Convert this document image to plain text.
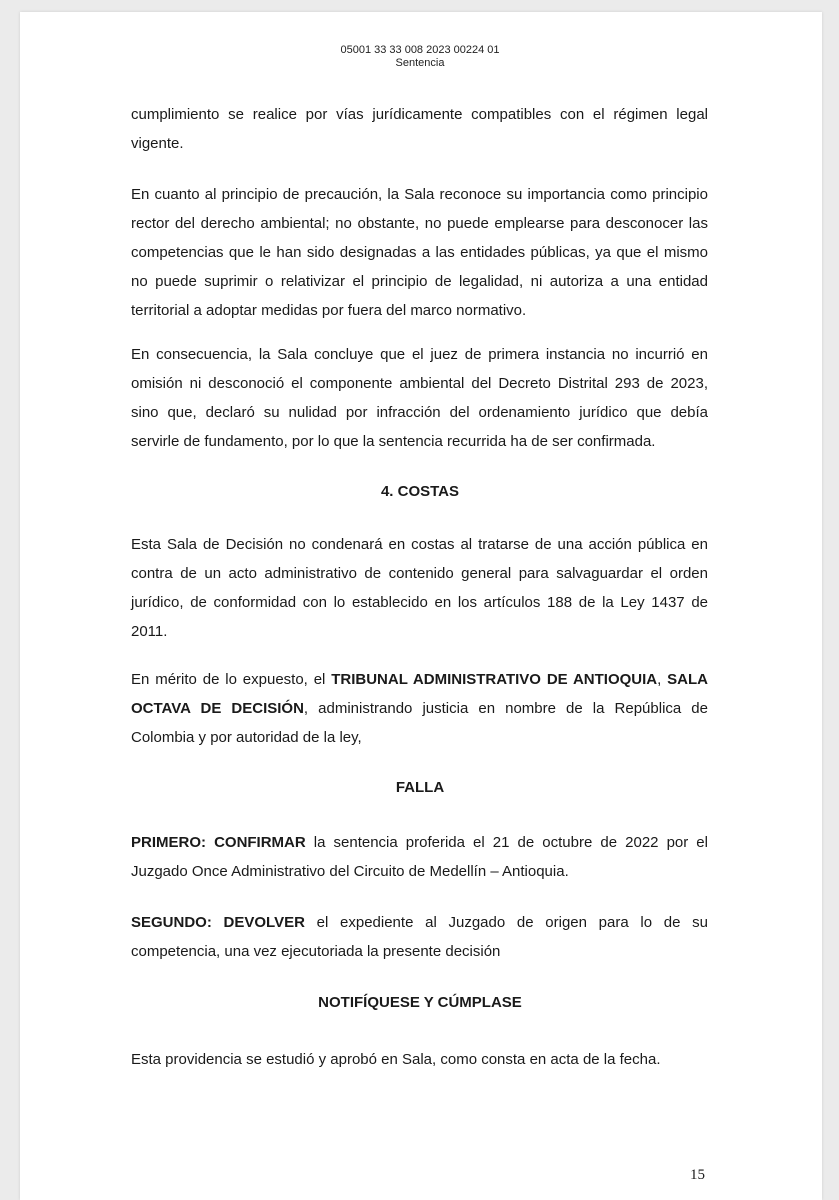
05001 33 33 008 2023 00224 01
Sentencia

cumplimiento se realice por vías jurídicamente compatibles con el régimen legal vigente.

En cuanto al principio de precaución, la Sala reconoce su importancia como principio rector del derecho ambiental; no obstante, no puede emplearse para desconocer las competencias que le han sido designadas a las entidades públicas, ya que el mismo no puede suprimir o relativizar el principio de legalidad, ni autoriza a una entidad territorial a adoptar medidas por fuera del marco normativo.

En consecuencia, la Sala concluye que el juez de primera instancia no incurrió en omisión ni desconoció el componente ambiental del Decreto Distrital 293 de 2023, sino que, declaró su nulidad por infracción del ordenamiento jurídico que debía servirle de fundamento, por lo que la sentencia recurrida ha de ser confirmada.

4. COSTAS

Esta Sala de Decisión no condenará en costas al tratarse de una acción pública en contra de un acto administrativo de contenido general para salvaguardar el orden jurídico, de conformidad con lo establecido en los artículos 188 de la Ley 1437 de 2011.

En mérito de lo expuesto, el TRIBUNAL ADMINISTRATIVO DE ANTIOQUIA, SALA OCTAVA DE DECISIÓN, administrando justicia en nombre de la República de Colombia y por autoridad de la ley,

FALLA

PRIMERO: CONFIRMAR la sentencia proferida el 21 de octubre de 2022 por el Juzgado Once Administrativo del Circuito de Medellín – Antioquia.

SEGUNDO: DEVOLVER el expediente al Juzgado de origen para lo de su competencia, una vez ejecutoriada la presente decisión

NOTIFÍQUESE Y CÚMPLASE

Esta providencia se estudió y aprobó en Sala, como consta en acta de la fecha.

15
